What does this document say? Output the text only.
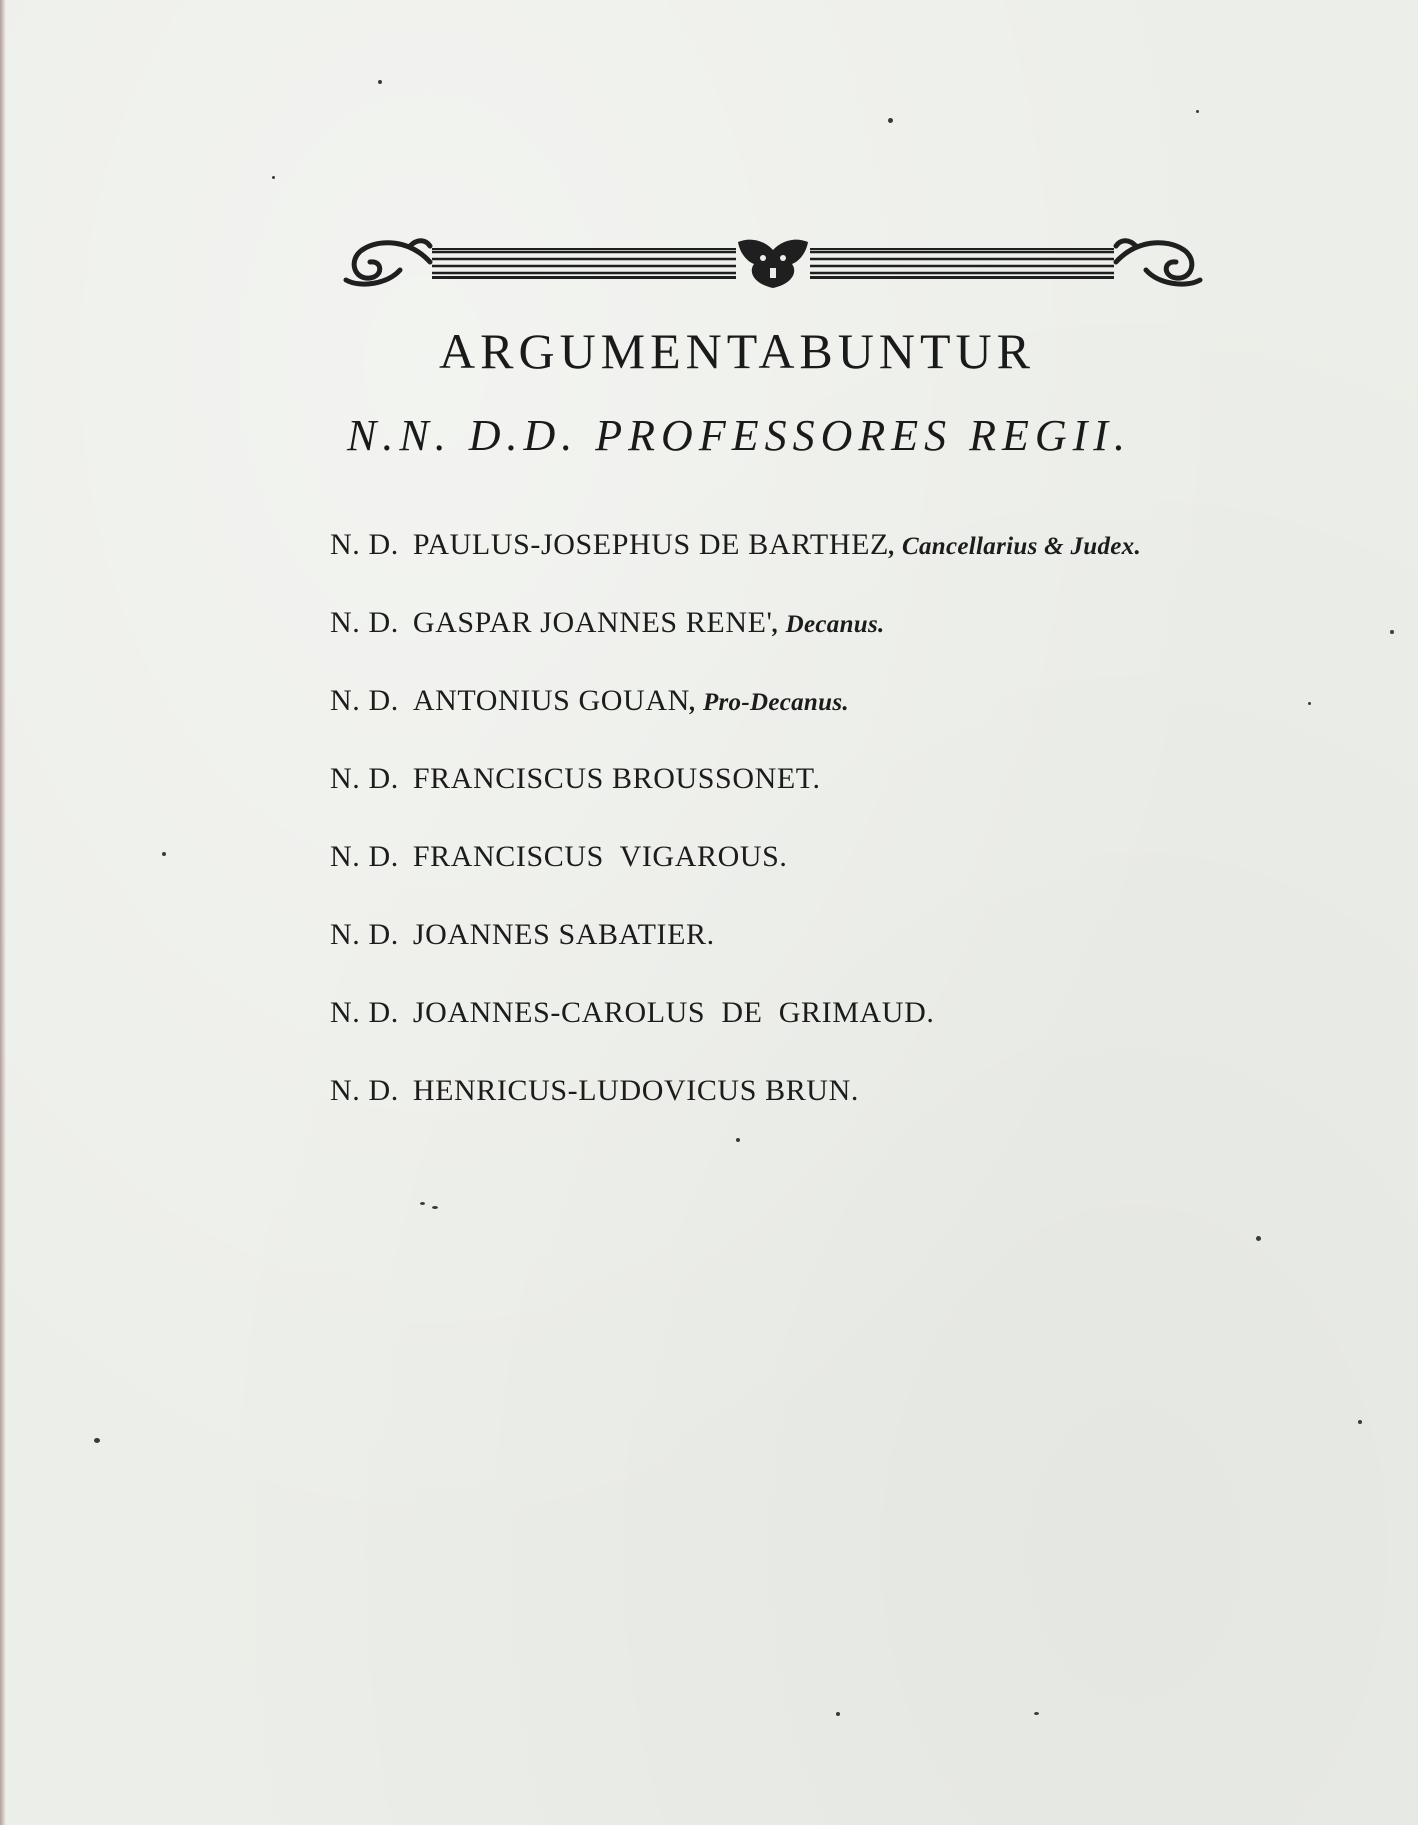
ARGUMENTABUNTUR
N.N. D.D. PROFESSORES REGII.
N. D. PAULUS-JOSEPHUS DE BARTHEZ, Cancellarius & Judex.
N. D. GASPAR JOANNES RENE', Decanus.
N. D. ANTONIUS GOUAN, Pro-Decanus.
N. D. FRANCISCUS BROUSSONET.
N. D. FRANCISCUS  VIGAROUS.
N. D. JOANNES SABATIER.
N. D. JOANNES-CAROLUS  DE  GRIMAUD.
N. D. HENRICUS-LUDOVICUS BRUN.
